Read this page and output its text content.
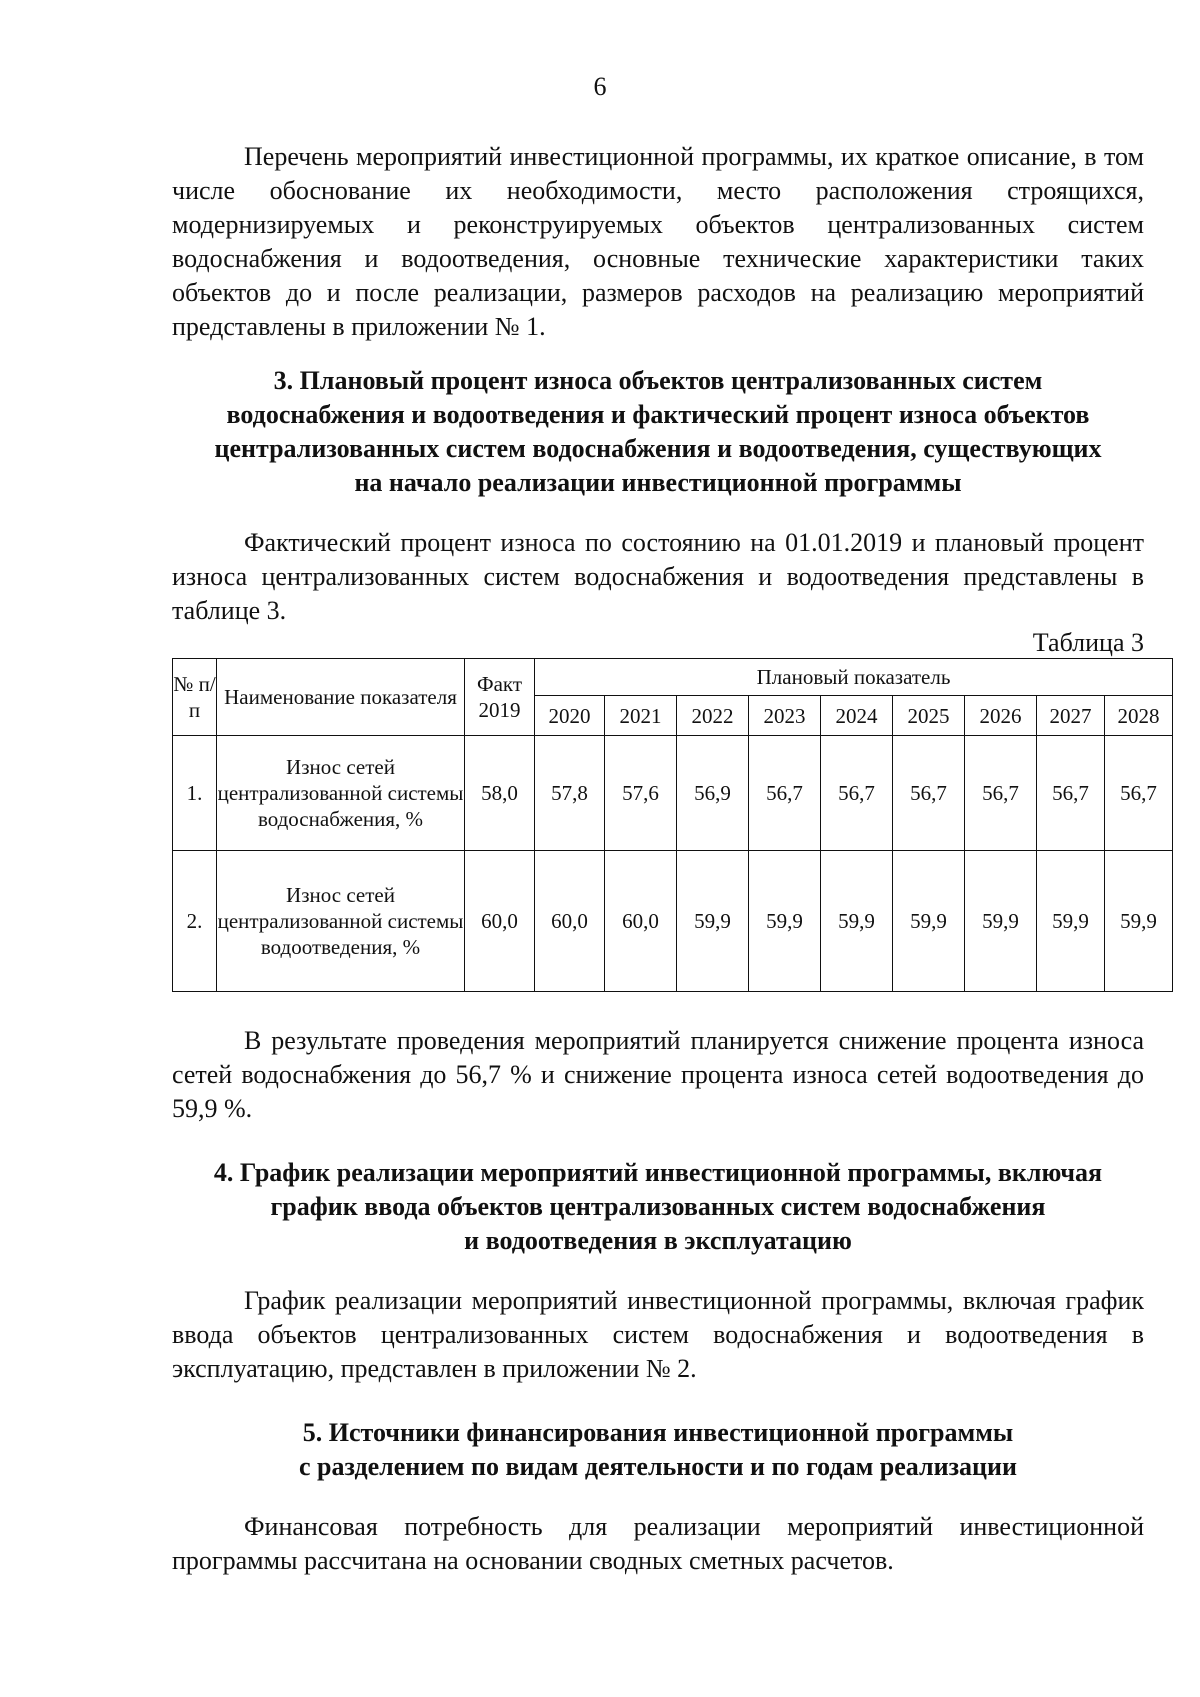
6

Перечень мероприятий инвестиционной программы, их краткое описание, в том числе обоснование их необходимости, место расположения строящихся, модернизируемых и реконструируемых объектов централизованных систем водоснабжения и водоотведения, основные технические характеристики таких объектов до и после реализации, размеров расходов на реализацию мероприятий представлены в приложении № 1.

3. Плановый процент износа объектов централизованных систем

водоснабжения и водоотведения и фактический процент износа объектов

централизованных систем водоснабжения и водоотведения, существующих

на начало реализации инвестиционной программы

Фактический процент износа по состоянию на 01.01.2019 и плановый процент износа централизованных систем водоснабжения и водоотведения представлены в таблице 3.

Таблица 3

№ п/п	Наименование показателя	Факт 2019	Плановый показатель								
			2020	2021	2022	2023	2024	2025	2026	2027	2028
1.	Износ сетей централизованной системы водоснабжения, %	58,0	57,8	57,6	56,9	56,7	56,7	56,7	56,7	56,7	56,7
2.	Износ сетей централизованной системы водоотведения, %	60,0	60,0	60,0	59,9	59,9	59,9	59,9	59,9	59,9	59,9

В результате проведения мероприятий планируется снижение процента износа сетей водоснабжения до 56,7 % и снижение процента износа сетей водоотведения до 59,9 %.

4. График реализации мероприятий инвестиционной программы, включая

график ввода объектов централизованных систем водоснабжения

и водоотведения в эксплуатацию

График реализации мероприятий инвестиционной программы, включая график ввода объектов централизованных систем водоснабжения и водоотведения в эксплуатацию, представлен в приложении № 2.

5. Источники финансирования инвестиционной программы

с разделением по видам деятельности и по годам реализации

Финансовая потребность для реализации мероприятий инвестиционной программы рассчитана на основании сводных сметных расчетов.
